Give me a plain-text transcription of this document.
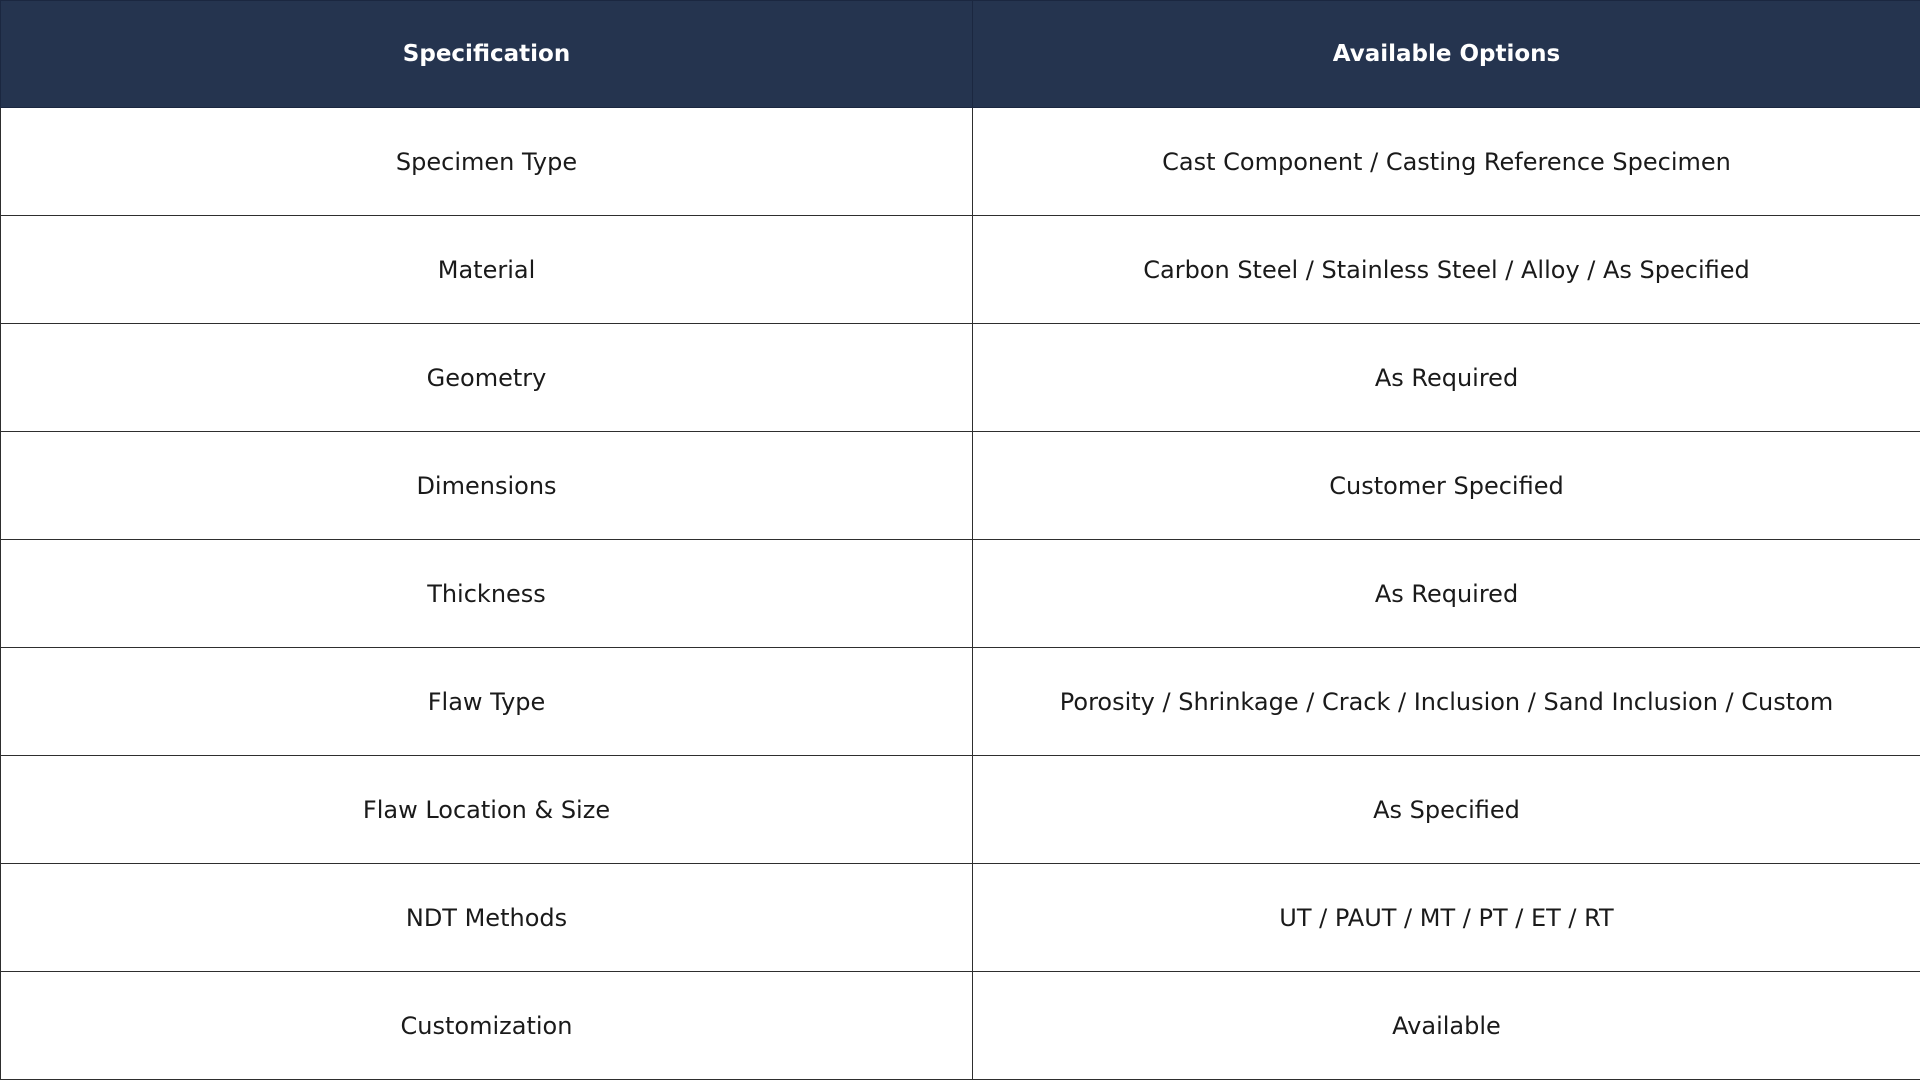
Specification	Available Options
Specimen Type	Cast Component / Casting Reference Specimen
Material	Carbon Steel / Stainless Steel / Alloy / As Specified
Geometry	As Required
Dimensions	Customer Specified
Thickness	As Required
Flaw Type	Porosity / Shrinkage / Crack / Inclusion / Sand Inclusion / Custom
Flaw Location & Size	As Specified
NDT Methods	UT / PAUT / MT / PT / ET / RT
Customization	Available
